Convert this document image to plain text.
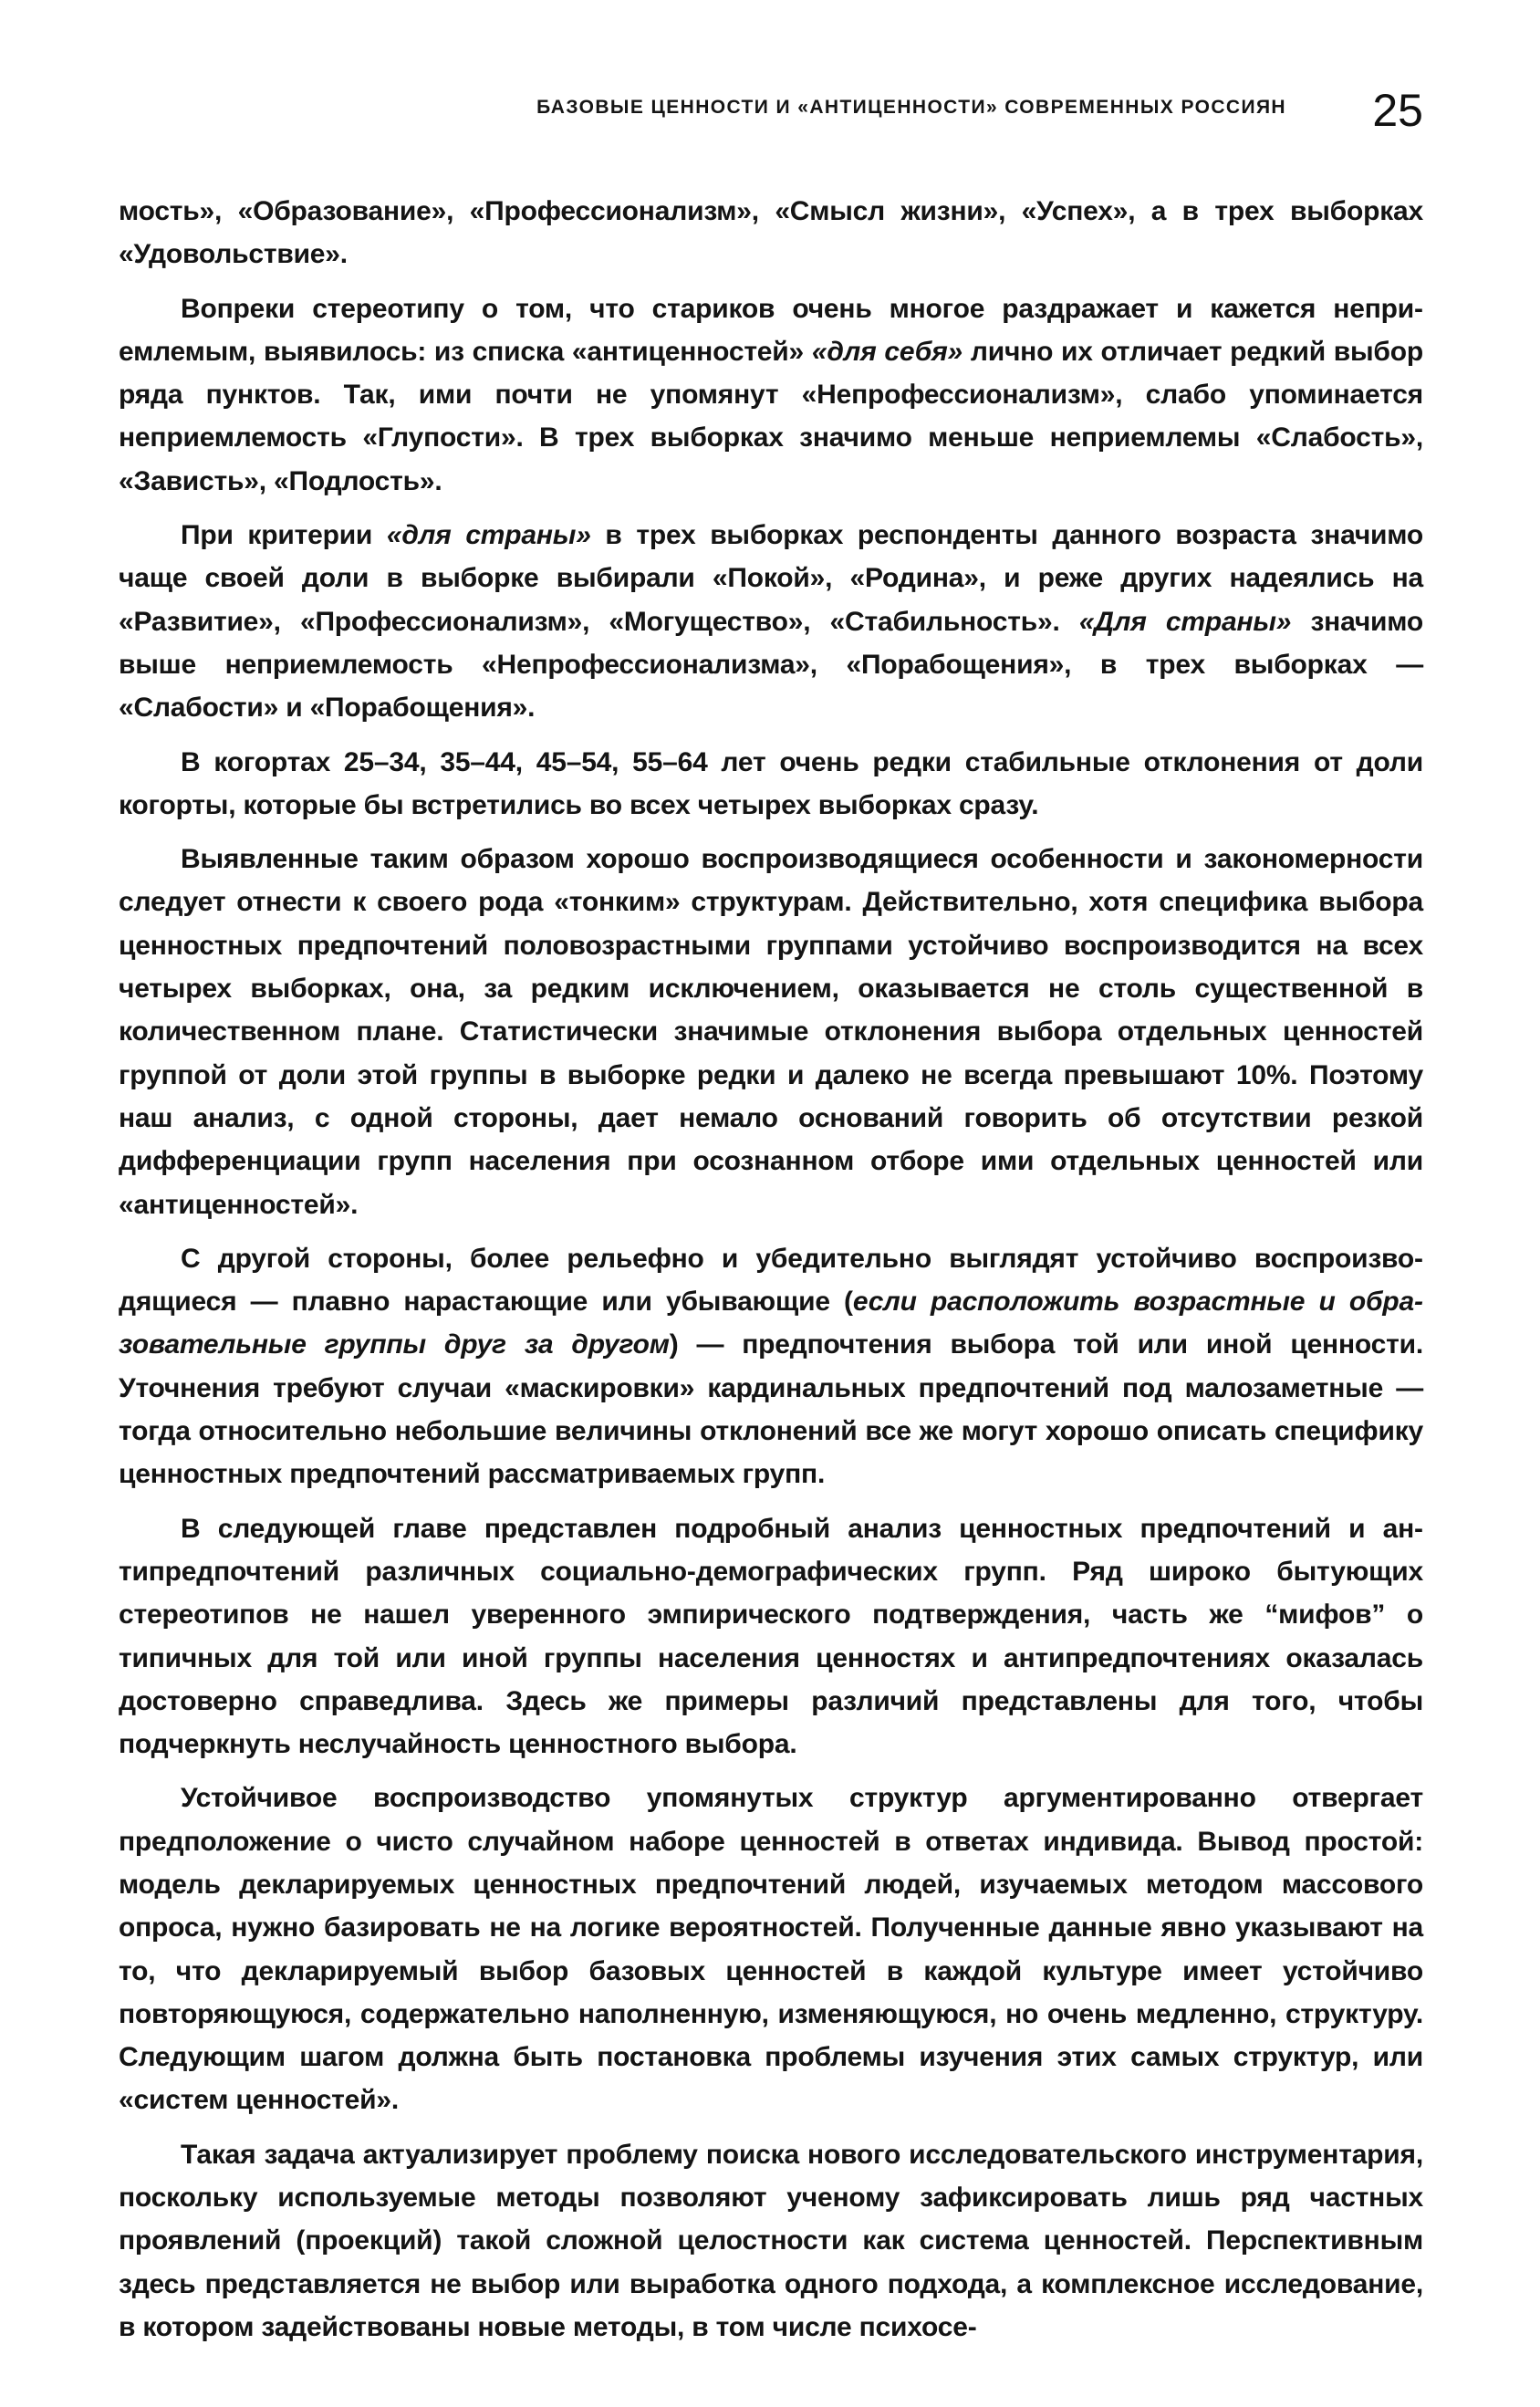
БАЗОВЫЕ ЦЕННОСТИ И «АНТИЦЕННОСТИ» СОВРЕМЕННЫХ РОССИЯН 25

мость», «Образование», «Профессионализм», «Смысл жизни», «Успех», а в трех выборках «Удовольствие».

Вопреки стереотипу о том, что стариков очень многое раздражает и кажется неприемлемым, выявилось: из списка «антиценностей» «для себя» лично их отличает редкий выбор ряда пунктов. Так, ими почти не упомянут «Непрофессионализм», слабо упоминается неприемлемость «Глупости». В трех выборках значимо меньше неприемлемы «Слабость», «Зависть», «Подлость».

При критерии «для страны» в трех выборках респонденты данного возраста значимо чаще своей доли в выборке выбирали «Покой», «Родина», и реже других надеялись на «Развитие», «Профессионализм», «Могущество», «Стабильность». «Для страны» значимо выше неприемлемость «Непрофессионализма», «Порабощения», в трех выборках — «Слабости» и «Порабощения».

В когортах 25–34, 35–44, 45–54, 55–64 лет очень редки стабильные отклонения от доли когорты, которые бы встретились во всех четырех выборках сразу.

Выявленные таким образом хорошо воспроизводящиеся особенности и закономерности следует отнести к своего рода «тонким» структурам. Действительно, хотя специфика выбора ценностных предпочтений половозрастными группами устойчиво воспроизводится на всех четырех выборках, она, за редким исключением, оказывается не столь существенной в количественном плане. Статистически значимые отклонения выбора отдельных ценностей группой от доли этой группы в выборке редки и далеко не всегда превышают 10%. Поэтому наш анализ, с одной стороны, дает немало оснований говорить об отсутствии резкой дифференциации групп населения при осознанном отборе ими отдельных ценностей или «антиценностей».

С другой стороны, более рельефно и убедительно выглядят устойчиво воспроизводящиеся — плавно нарастающие или убывающие (если расположить возрастные и образовательные группы друг за другом) — предпочтения выбора той или иной ценности. Уточнения требуют случаи «маскировки» кардинальных предпочтений под малозаметные — тогда относительно небольшие величины отклонений все же могут хорошо описать специфику ценностных предпочтений рассматриваемых групп.

В следующей главе представлен подробный анализ ценностных предпочтений и антипредпочтений различных социально-демографических групп. Ряд широко бытующих стереотипов не нашел уверенного эмпирического подтверждения, часть же “мифов” о типичных для той или иной группы населения ценностях и антипредпочтениях оказалась достоверно справедлива. Здесь же примеры различий представлены для того, чтобы подчеркнуть неслучайность ценностного выбора.

Устойчивое воспроизводство упомянутых структур аргументированно отвергает предположение о чисто случайном наборе ценностей в ответах индивида. Вывод простой: модель декларируемых ценностных предпочтений людей, изучаемых методом массового опроса, нужно базировать не на логике вероятностей. Полученные данные явно указывают на то, что декларируемый выбор базовых ценностей в каждой культуре имеет устойчиво повторяющуюся, содержательно наполненную, изменяющуюся, но очень медленно, структуру. Следующим шагом должна быть постановка проблемы изучения этих самых структур, или «систем ценностей».

Такая задача актуализирует проблему поиска нового исследовательского инструментария, поскольку используемые методы позволяют ученому зафиксировать лишь ряд частных проявлений (проекций) такой сложной целостности как система ценностей. Перспективным здесь представляется не выбор или выработка одного подхода, а комплексное исследование, в котором задействованы новые методы, в том числе психосе-
